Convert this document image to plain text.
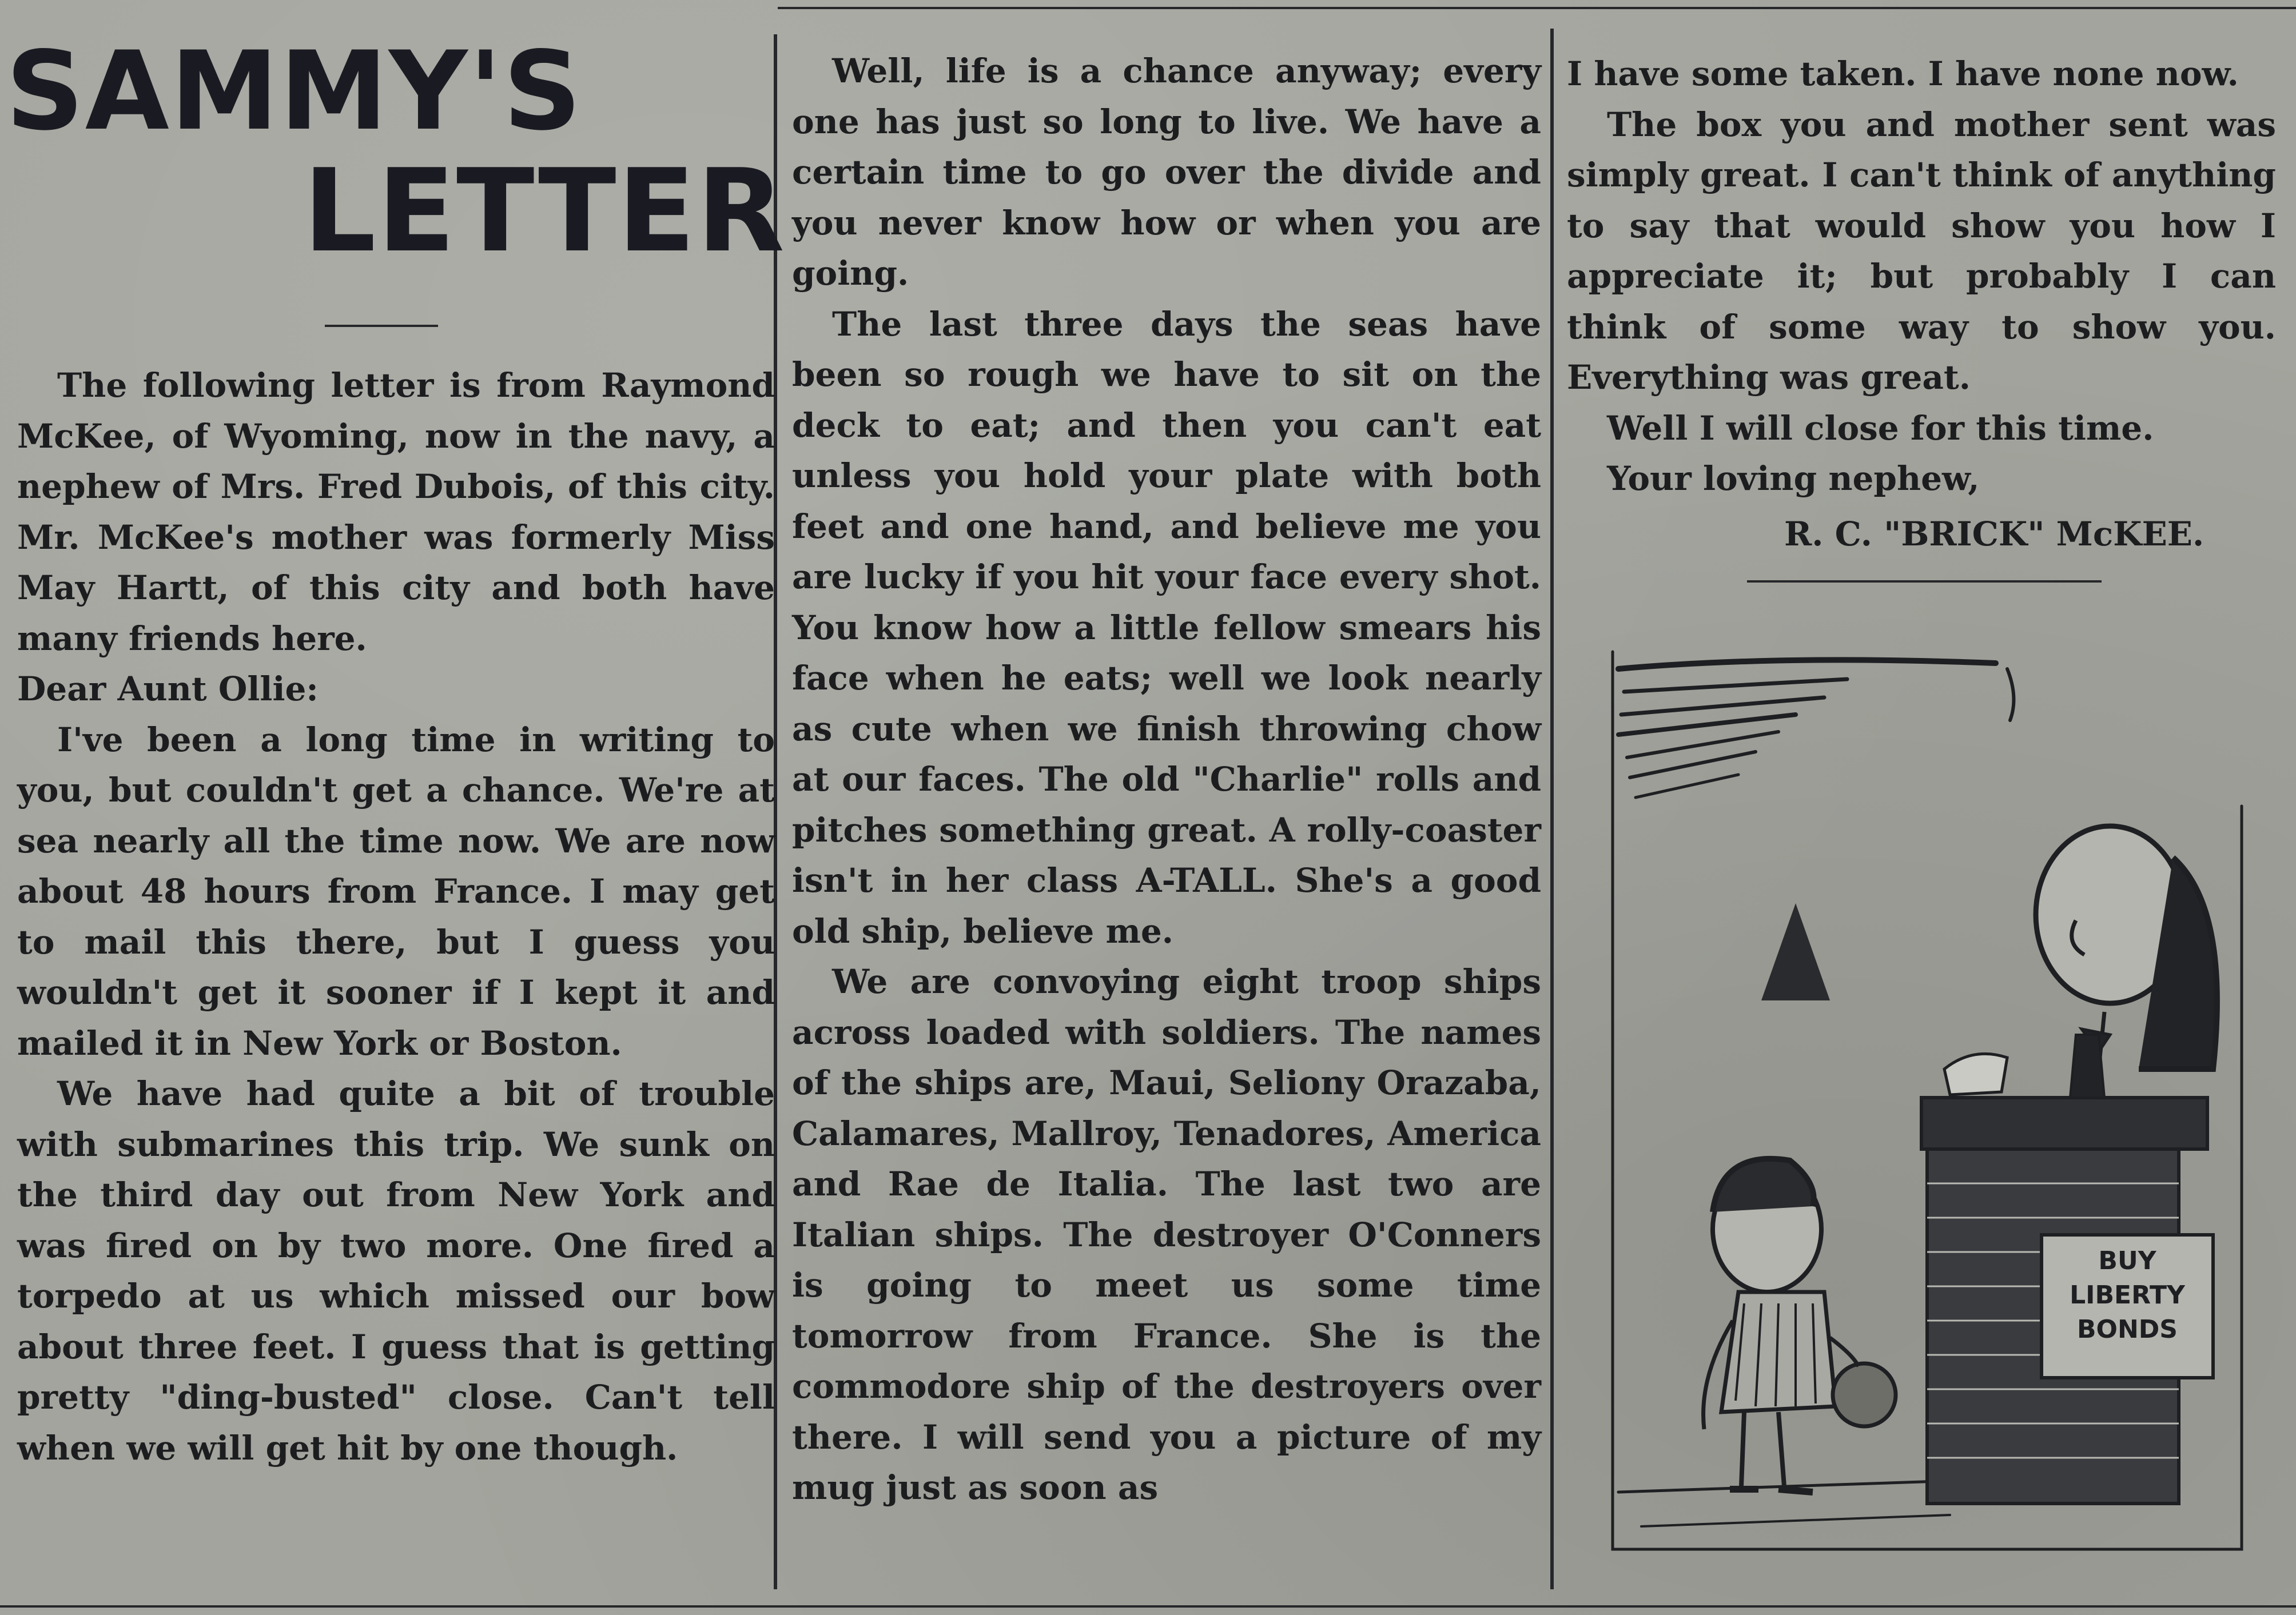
SAMMY'S
LETTER

The following letter is from Raymond McKee, of Wyoming, now in the navy, a nephew of Mrs. Fred Dubois, of this city. Mr. McKee's mother was formerly Miss May Hartt, of this city and both have many friends here.

Dear Aunt Ollie:

I've been a long time in writing to you, but couldn't get a chance. We're at sea nearly all the time now. We are now about 48 hours from France. I may get to mail this there, but I guess you wouldn't get it sooner if I kept it and mailed it in New York or Boston.

We have had quite a bit of trouble with submarines this trip. We sunk on the third day out from New York and was fired on by two more. One fired a torpedo at us which missed our bow about three feet. I guess that is getting pretty "ding-busted" close. Can't tell when we will get hit by one though.

Well, life is a chance anyway; every one has just so long to live. We have a certain time to go over the divide and you never know how or when you are going.

The last three days the seas have been so rough we have to sit on the deck to eat; and then you can't eat unless you hold your plate with both feet and one hand, and believe me you are lucky if you hit your face every shot. You know how a little fellow smears his face when he eats; well we look nearly as cute when we finish throwing chow at our faces. The old "Charlie" rolls and pitches something great. A rolly-coaster isn't in her class A-TALL. She's a good old ship, believe me.

We are convoying eight troop ships across loaded with soldiers. The names of the ships are, Maui, Seliony Orazaba, Calamares, Mallroy, Tenadores, America and Rae de Italia. The last two are Italian ships. The destroyer O'Conners is going to meet us some time tomorrow from France. She is the commodore ship of the destroyers over there. I will send you a picture of my mug just as soon as

I have some taken. I have none now.

The box you and mother sent was simply great. I can't think of anything to say that would show you how I appreciate it; but probably I can think of some way to show you. Everything was great.

Well I will close for this time.

Your loving nephew,

R. C. "BRICK" McKEE.
BUY
LIBERTY
BONDS
